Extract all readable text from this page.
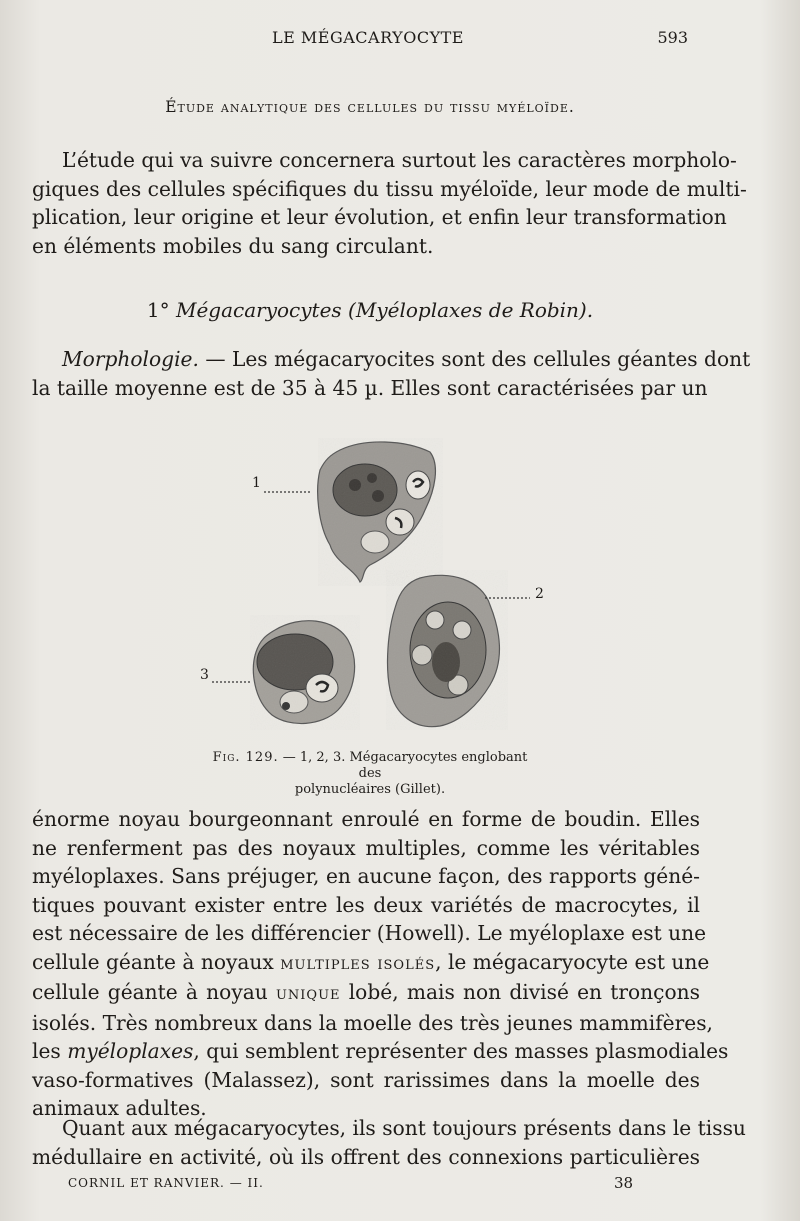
LE MÉGACARYOCYTE	593
Étude analytique des cellules du tissu myéloïde.

L’étude qui va suivre concernera surtout les caractères morpholo-
giques des cellules spécifiques du tissu myéloïde, leur mode de multi-
plication, leur origine et leur évolution, et enfin leur transformation
en éléments mobiles du sang circulant.

1° Mégacaryocytes (Myéloplaxes de Robin).

Morphologie. — Les mégacaryocites sont des cellules géantes dont
la taille moyenne est de 35 à 45 µ. Elles sont caractérisées par un

1
2
3
Fig. 129. — 1, 2, 3. Mégacaryocytes englobant des
polynucléaires (Gillet).

énorme noyau bourgeonnant enroulé en forme de boudin. Elles
ne renferment pas des noyaux multiples, comme les véritables
myéloplaxes. Sans préjuger, en aucune façon, des rapports géné-
tiques pouvant exister entre les deux variétés de macrocytes, il
est nécessaire de les différencier (Howell). Le myéloplaxe est une
cellule géante à noyaux multiples isolés, le mégacaryocyte est une
cellule géante à noyau unique lobé, mais non divisé en tronçons
isolés. Très nombreux dans la moelle des très jeunes mammifères,
les myéloplaxes, qui semblent représenter des masses plasmodiales
vaso-formatives (Malassez), sont rarissimes dans la moelle des
animaux adultes.

Quant aux mégacaryocytes, ils sont toujours présents dans le tissu
médullaire en activité, où ils offrent des connexions particulières

CORNIL ET RANVIER. — II.	38
